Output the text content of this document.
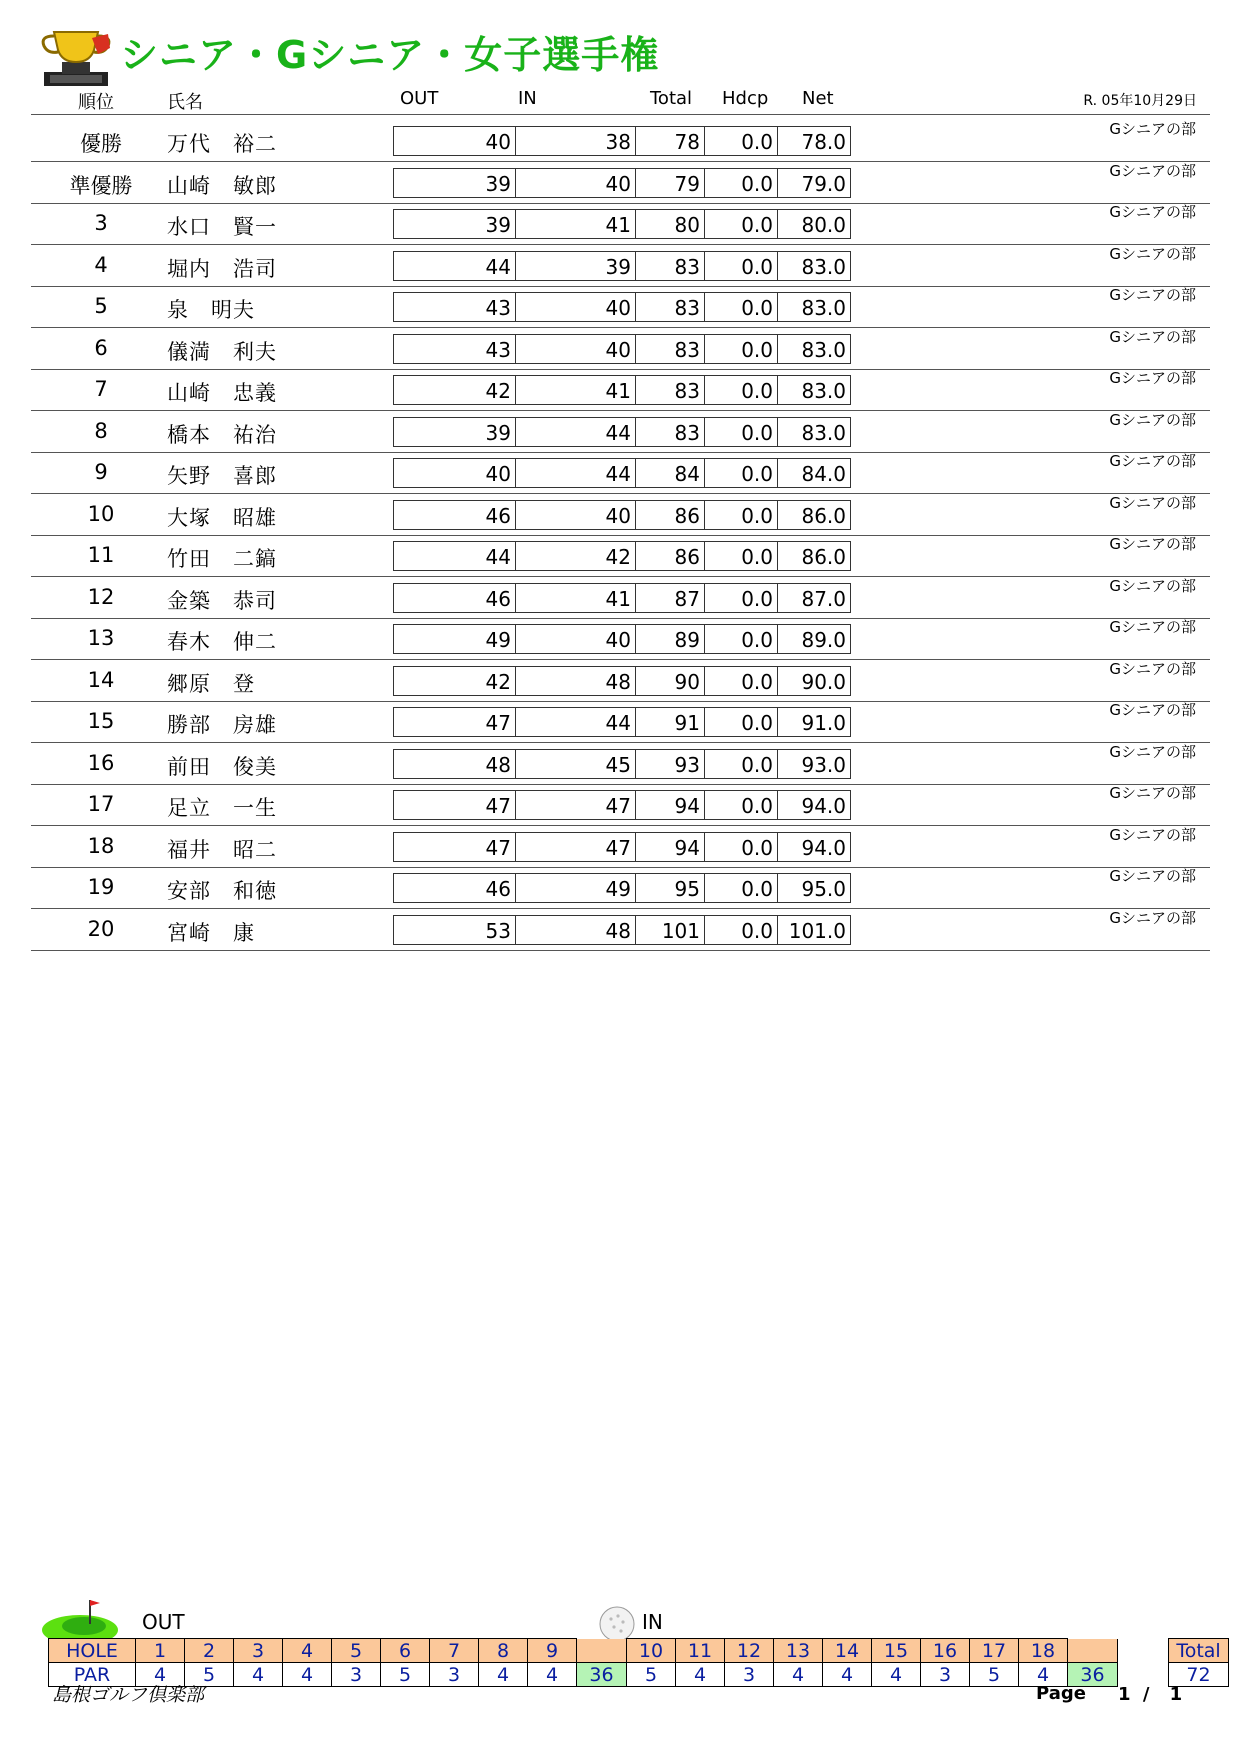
シニア・Gシニア・女子選手権
順位	氏名	OUT	IN	Total Hdcp Net	R. 05年10月29日
優勝	万代　裕二	40	38	78	0.0	78.0
Gシニアの部
準優勝	山崎　敏郎	39	40	79	0.0	79.0
Gシニアの部
3	水口　賢一	39	41	80	0.0	80.0
Gシニアの部
4	堀内　浩司	44	39	83	0.0	83.0
Gシニアの部
5	泉　明夫	43	40	83	0.0	83.0
Gシニアの部
6	儀満　利夫	43	40	83	0.0	83.0
Gシニアの部
7	山崎　忠義	42	41	83	0.0	83.0
Gシニアの部
8	橋本　祐治	39	44	83	0.0	83.0
Gシニアの部
9	矢野　喜郎	40	44	84	0.0	84.0
Gシニアの部
10	大塚　昭雄	46	40	86	0.0	86.0
Gシニアの部
11	竹田　二鎬	44	42	86	0.0	86.0
Gシニアの部
12	金築　恭司	46	41	87	0.0	87.0
Gシニアの部
13	春木　伸二	49	40	89	0.0	89.0
Gシニアの部
14	郷原　登	42	48	90	0.0	90.0
Gシニアの部
15	勝部　房雄	47	44	91	0.0	91.0
Gシニアの部
16	前田　俊美	48	45	93	0.0	93.0
Gシニアの部
17	足立　一生	47	47	94	0.0	94.0
Gシニアの部
18	福井　昭二	47	47	94	0.0	94.0
Gシニアの部
19	安部　和徳	46	49	95	0.0	95.0
Gシニアの部
20	宮崎　康	53	48	101	0.0 101.0
Gシニアの部
OUT	IN
HOLE	1	2	3	4	5	6	7	8	9		10	11	12	13	14	15	16	17	18			Total
PAR	4	5	4	4	3	5	3	4	4	36	5	4	3	4	4	4	3	5	4	36		72
島根ゴルフ倶楽部	Page 1 / 1
